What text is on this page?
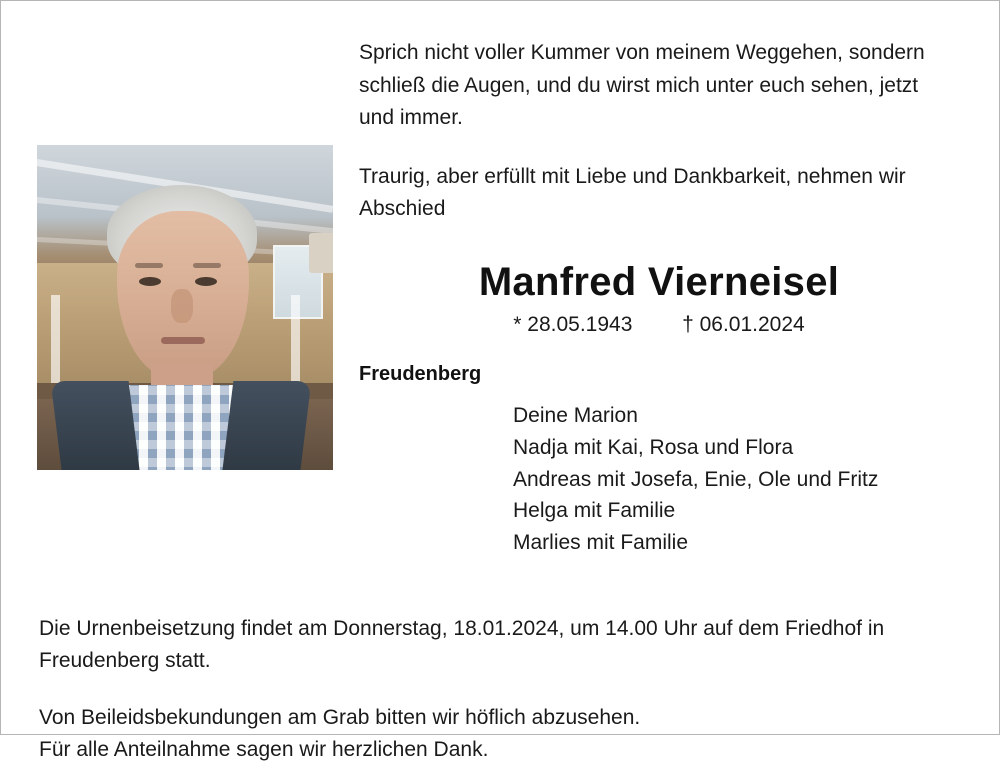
Sprich nicht voller Kummer von meinem Weggehen, sondern schließ die Augen, und du wirst mich unter euch sehen, jetzt und immer.

Traurig, aber erfüllt mit Liebe und Dankbarkeit, nehmen wir Abschied

Manfred Vierneisel
* 28.05.1943 † 06.01.2024
Freudenberg
Deine Marion
Nadja mit Kai, Rosa und Flora
Andreas mit Josefa, Enie, Ole und Fritz
Helga mit Familie
Marlies mit Familie

Die Urnenbeisetzung findet am Donnerstag, 18.01.2024, um 14.00 Uhr auf dem Friedhof in Freudenberg statt.

Von Beileidsbekundungen am Grab bitten wir höflich abzusehen.

Für alle Anteilnahme sagen wir herzlichen Dank.
